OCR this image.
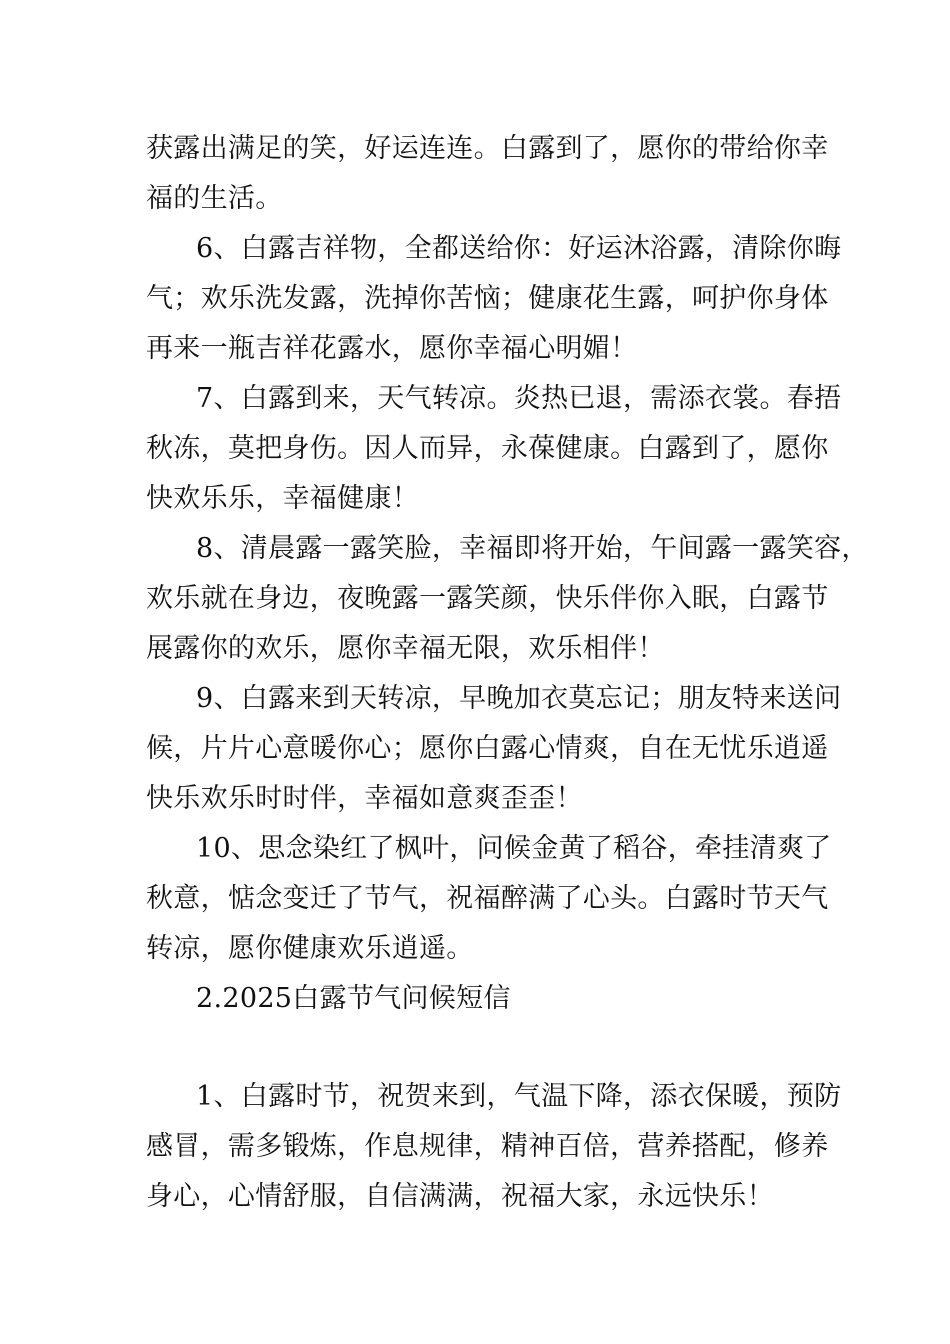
获露出满足的笑，好运连连。白露到了，愿你的带给你幸
福的生活。
6、白露吉祥物，全都送给你：好运沐浴露，清除你晦
气；欢乐洗发露，洗掉你苦恼；健康花生露，呵护你身体
再来一瓶吉祥花露水，愿你幸福心明媚！
7、白露到来，天气转凉。炎热已退，需添衣裳。春捂
秋冻，莫把身伤。因人而异，永葆健康。白露到了，愿你
快欢乐乐，幸福健康！
8、清晨露一露笑脸，幸福即将开始，午间露一露笑容，
欢乐就在身边，夜晚露一露笑颜，快乐伴你入眠，白露节
展露你的欢乐，愿你幸福无限，欢乐相伴！
9、白露来到天转凉，早晚加衣莫忘记；朋友特来送问
候，片片心意暖你心；愿你白露心情爽，自在无忧乐逍遥
快乐欢乐时时伴，幸福如意爽歪歪！
10、思念染红了枫叶，问候金黄了稻谷，牵挂清爽了
秋意，惦念变迁了节气，祝福醉满了心头。白露时节天气
转凉，愿你健康欢乐逍遥。
2.2025白露节气问候短信
1、白露时节，祝贺来到，气温下降，添衣保暖，预防
感冒，需多锻炼，作息规律，精神百倍，营养搭配，修养
身心，心情舒服，自信满满，祝福大家，永远快乐！
